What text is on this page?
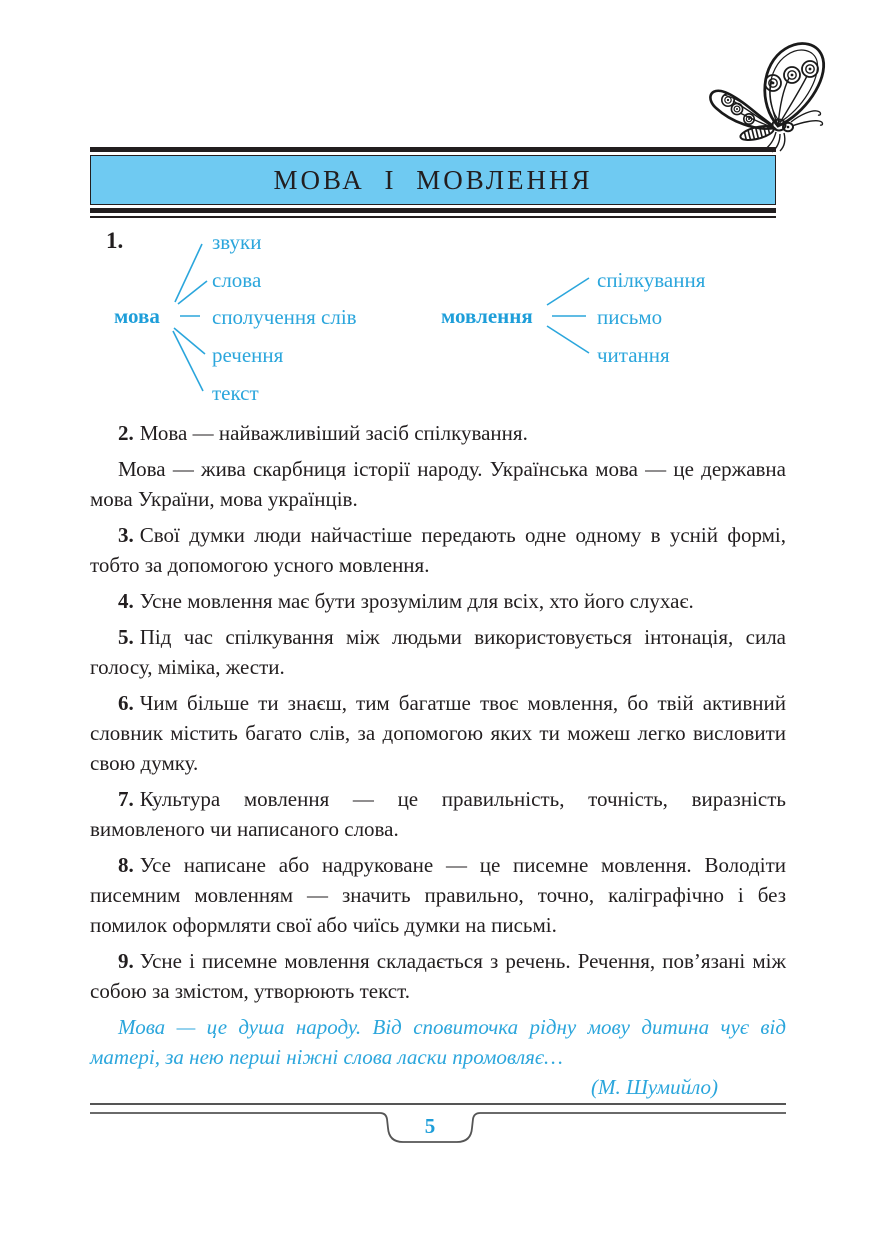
МОВА І МОВЛЕННЯ
1.
мова
звуки
слова
сполучення слів
речення
текст
мовлення
спілкування
письмо
читання

2. Мова — найважливіший засіб спілкування.

Мова — жива скарбниця історії народу. Українська мова — це державна мова України, мова українців.

3. Свої думки люди найчастіше передають одне одному в усній формі, тобто за допомогою усного мовлення.

4. Усне мовлення має бути зрозумілим для всіх, хто його слухає.

5. Під час спілкування між людьми використовується інтонація, сила голосу, міміка, жести.

6. Чим більше ти знаєш, тим багатше твоє мовлення, бо твій активний словник містить багато слів, за допомогою яких ти можеш легко висловити свою думку.

7. Культура мовлення — це правильність, точність, виразність вимовленого чи написаного слова.

8. Усе написане або надруковане — це писемне мовлення. Володіти писемним мовленням — значить правильно, точно, каліграфічно і без помилок оформляти свої або чиїсь думки на письмі.

9. Усне і писемне мовлення складається з речень. Речення, пов’язані між собою за змістом, утворюють текст.

Мова — це душа народу. Від сповиточка рідну мову дитина чує від матері, за нею перші ніжні слова ласки промовляє…

(М. Шумийло)

5
